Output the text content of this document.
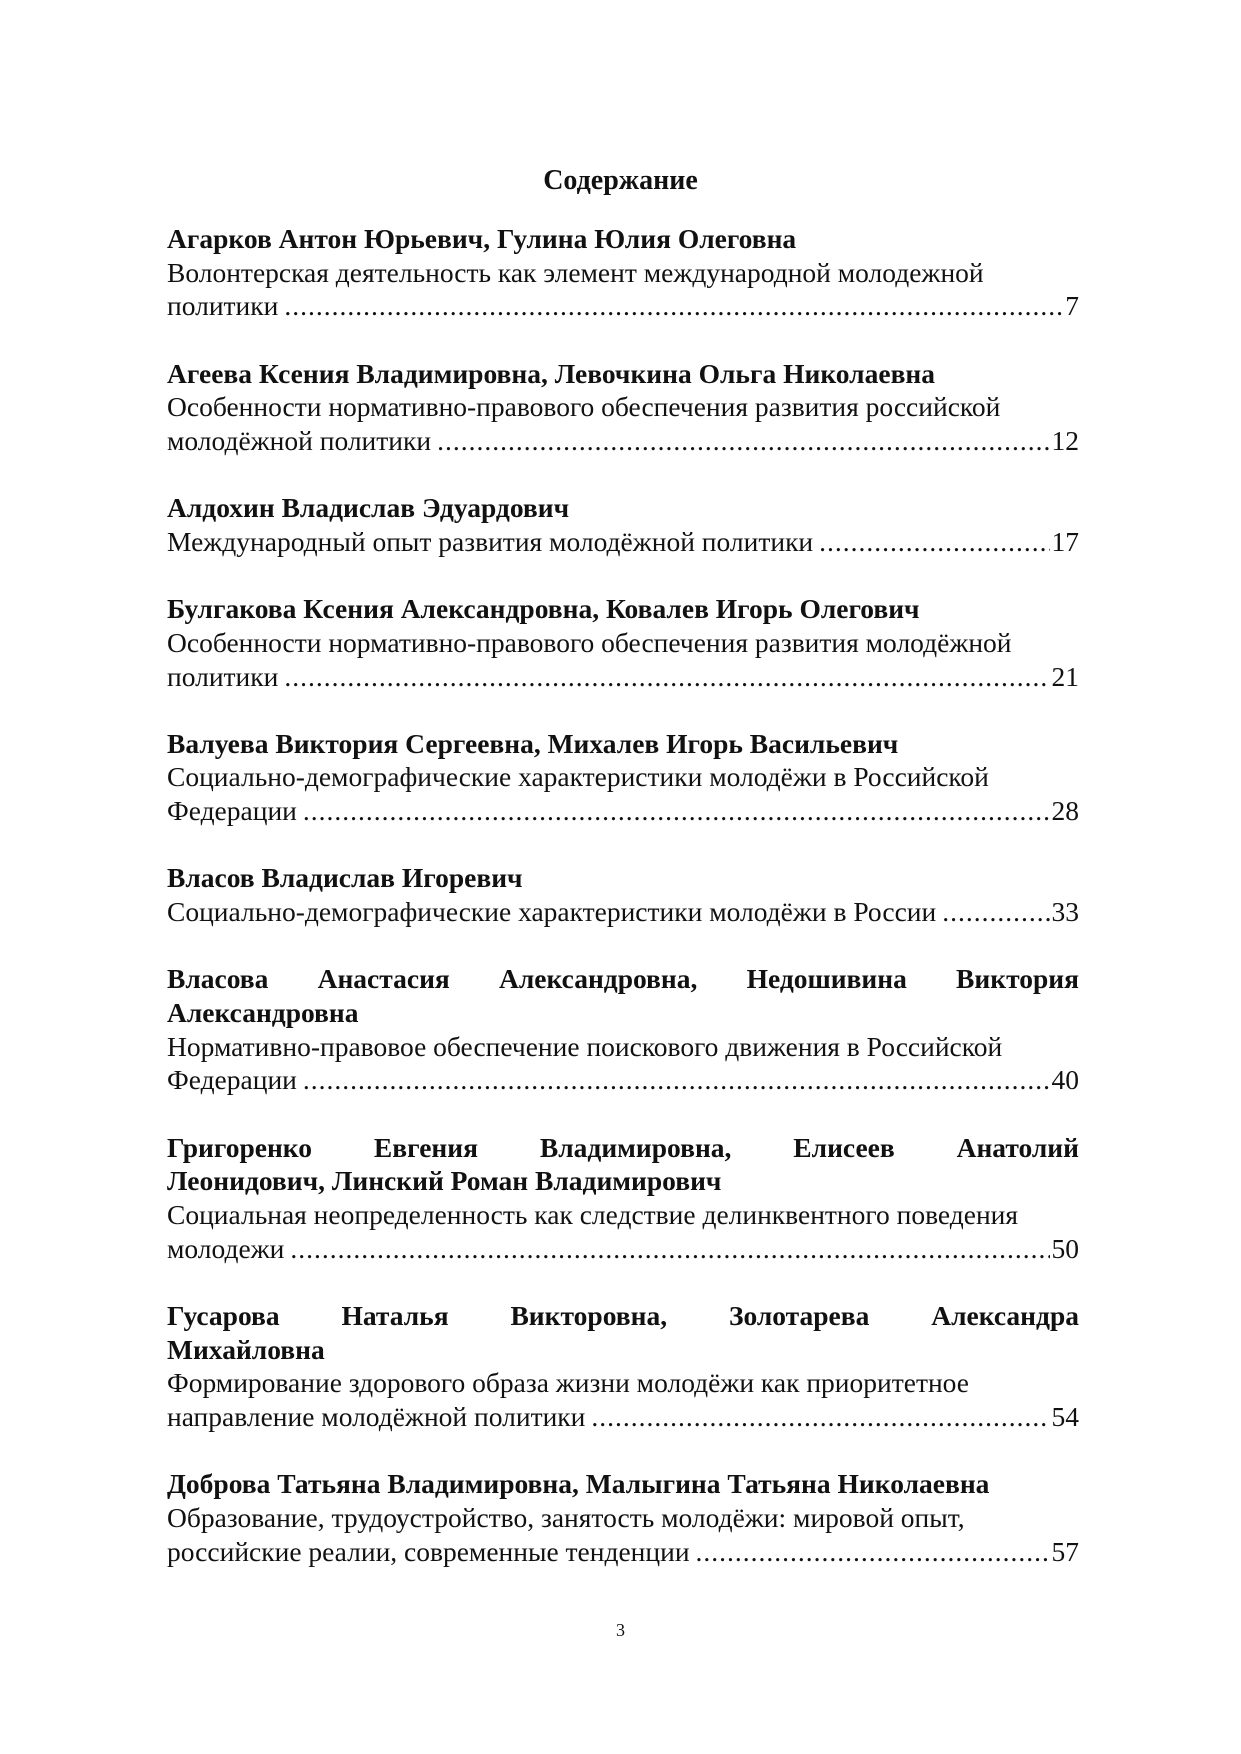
Содержание
Агарков Антон Юрьевич, Гулина Юлия Олеговна
Волонтерская деятельность как элемент международной молодежной
политики .....	7
Агеева Ксения Владимировна, Левочкина Ольга Николаевна
Особенности нормативно-правового обеспечения развития российской
молодёжной политики .....	12
Алдохин Владислав Эдуардович
Международный опыт развития молодёжной политики .....	17
Булгакова Ксения Александровна, Ковалев Игорь Олегович
Особенности нормативно-правового обеспечения развития молодёжной
политики .....	21
Валуева Виктория Сергеевна, Михалев Игорь Васильевич
Социально-демографические характеристики молодёжи в Российской
Федерации .....	28
Власов Владислав Игоревич
Социально-демографические характеристики молодёжи в России .....	33
Власова Анастасия Александровна, Недошивина Виктория
Александровна
Нормативно-правовое обеспечение поискового движения в Российской
Федерации .....	40
Григоренко Евгения Владимировна, Елисеев Анатолий
Леонидович, Линский Роман Владимирович
Социальная неопределенность как следствие делинквентного поведения
молодежи .....	50
Гусарова Наталья Викторовна, Золотарева Александра
Михайловна
Формирование здорового образа жизни молодёжи как приоритетное
направление молодёжной политики .....	54
Доброва Татьяна Владимировна, Малыгина Татьяна Николаевна
Образование, трудоустройство, занятость молодёжи: мировой опыт,
российские реалии, современные тенденции .....	57
3
